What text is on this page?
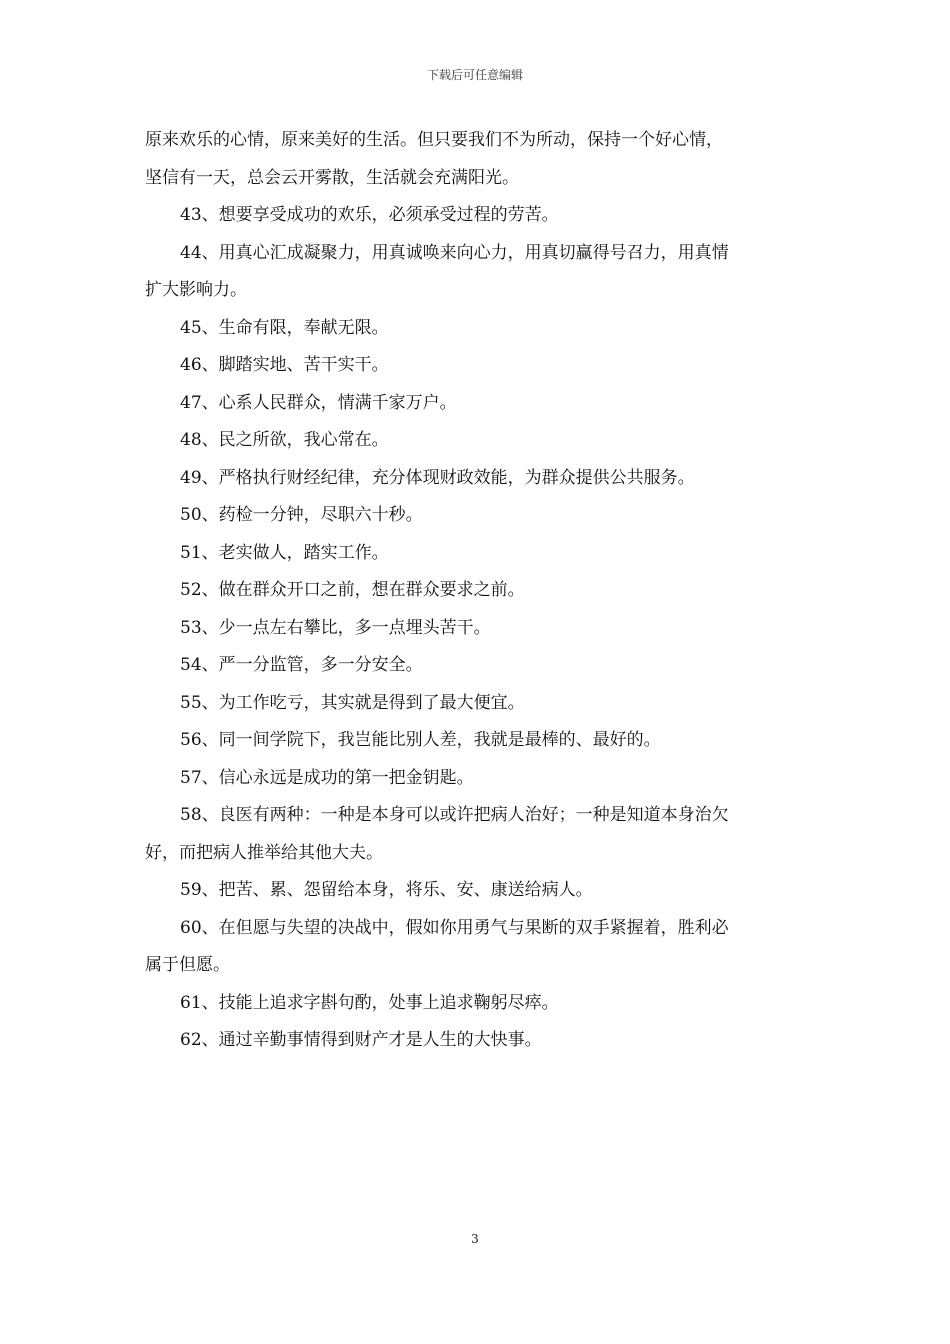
下载后可任意编辑
原来欢乐的心情，原来美好的生活。但只要我们不为所动，保持一个好心情，
坚信有一天，总会云开雾散，生活就会充满阳光。
43、想要享受成功的欢乐，必须承受过程的劳苦。
44、用真心汇成凝聚力，用真诚唤来向心力，用真切赢得号召力，用真情
扩大影响力。
45、生命有限，奉献无限。
46、脚踏实地、苦干实干。
47、心系人民群众，情满千家万户。
48、民之所欲，我心常在。
49、严格执行财经纪律，充分体现财政效能，为群众提供公共服务。
50、药检一分钟，尽职六十秒。
51、老实做人，踏实工作。
52、做在群众开口之前，想在群众要求之前。
53、少一点左右攀比，多一点埋头苦干。
54、严一分监管，多一分安全。
55、为工作吃亏，其实就是得到了最大便宜。
56、同一间学院下，我岂能比别人差，我就是最棒的、最好的。
57、信心永远是成功的第一把金钥匙。
58、良医有两种：一种是本身可以或许把病人治好；一种是知道本身治欠
好，而把病人推举给其他大夫。
59、把苦、累、怨留给本身，将乐、安、康送给病人。
60、在但愿与失望的决战中，假如你用勇气与果断的双手紧握着，胜利必
属于但愿。
61、技能上追求字斟句酌，处事上追求鞠躬尽瘁。
62、通过辛勤事情得到财产才是人生的大快事。
3
